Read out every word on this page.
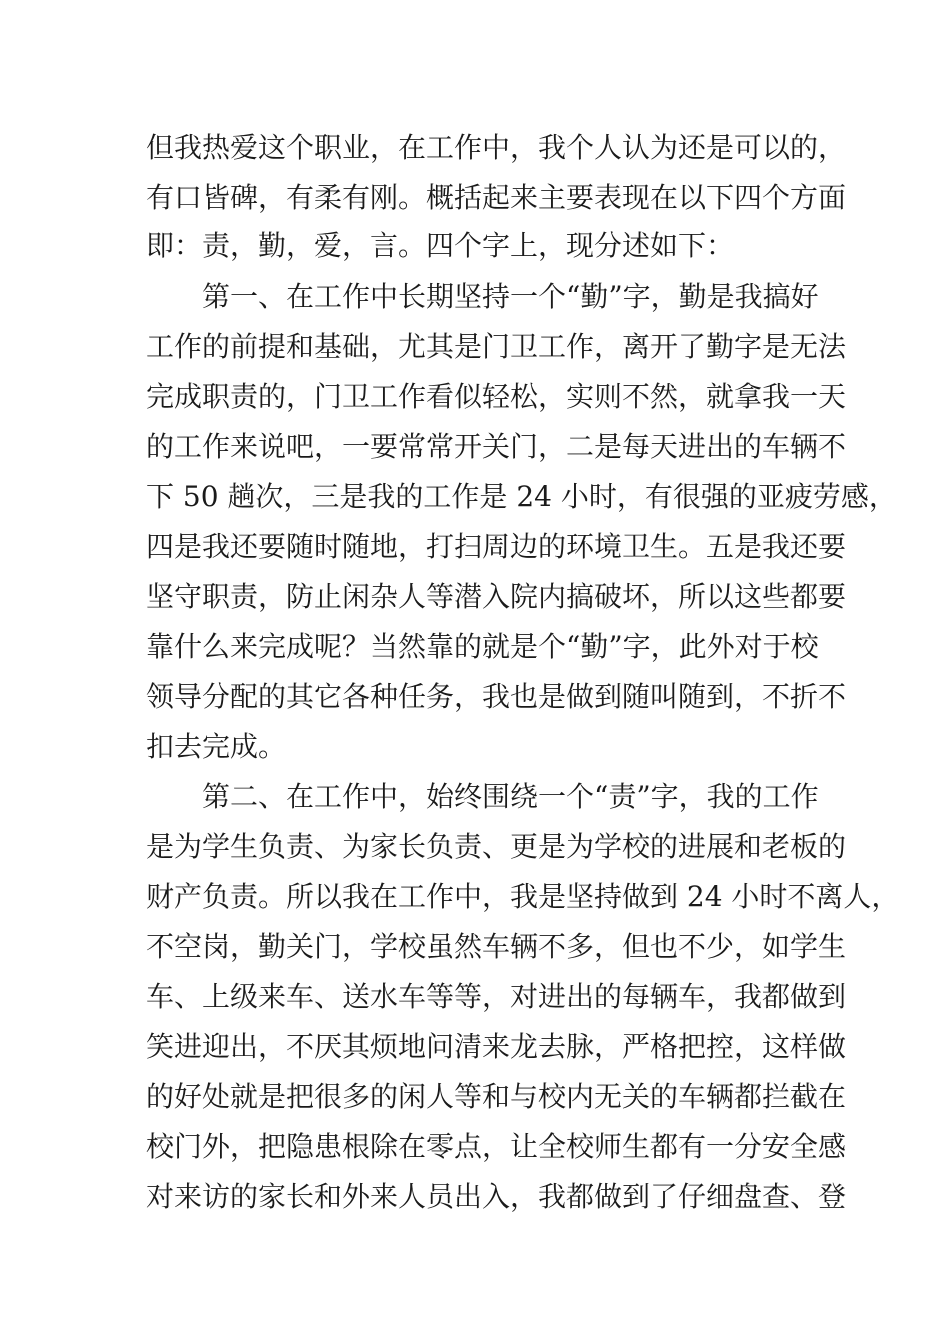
但我热爱这个职业，在工作中，我个人认为还是可以的，
有口皆碑，有柔有刚。概括起来主要表现在以下四个方面
即：责，勤，爱，言。四个字上，现分述如下：
第一、在工作中长期坚持一个“勤”字，勤是我搞好
工作的前提和基础，尤其是门卫工作，离开了勤字是无法
完成职责的，门卫工作看似轻松，实则不然，就拿我一天
的工作来说吧，一要常常开关门，二是每天进出的车辆不
下 50 趟次，三是我的工作是 24 小时，有很强的亚疲劳感，
四是我还要随时随地，打扫周边的环境卫生。五是我还要
坚守职责，防止闲杂人等潜入院内搞破坏，所以这些都要
靠什么来完成呢？当然靠的就是个“勤”字，此外对于校
领导分配的其它各种任务，我也是做到随叫随到，不折不
扣去完成。
第二、在工作中，始终围绕一个“责”字，我的工作
是为学生负责、为家长负责、更是为学校的进展和老板的
财产负责。所以我在工作中，我是坚持做到 24 小时不离人，
不空岗，勤关门，学校虽然车辆不多，但也不少，如学生
车、上级来车、送水车等等，对进出的每辆车，我都做到
笑进迎出，不厌其烦地问清来龙去脉，严格把控，这样做
的好处就是把很多的闲人等和与校内无关的车辆都拦截在
校门外，把隐患根除在零点，让全校师生都有一分安全感
对来访的家长和外来人员出入，我都做到了仔细盘查、登
